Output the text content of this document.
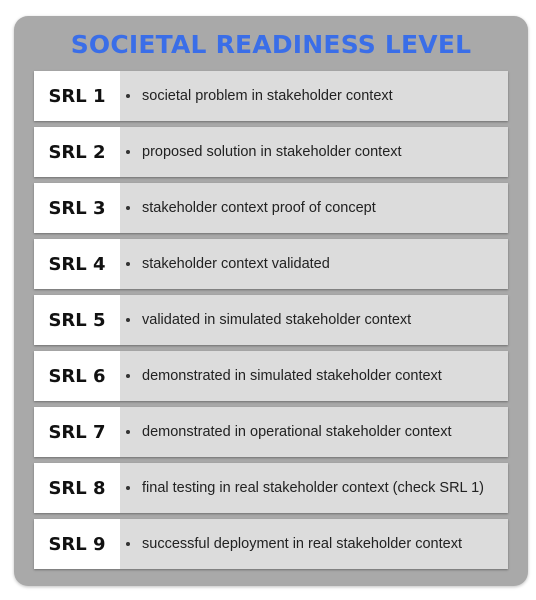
SOCIETAL READINESS LEVEL
SRL 1	societal problem in stakeholder context
SRL 2	proposed solution in stakeholder context
SRL 3	stakeholder context proof of concept
SRL 4	stakeholder context validated
SRL 5	validated in simulated stakeholder context
SRL 6	demonstrated in simulated stakeholder context
SRL 7	demonstrated in operational stakeholder context
SRL 8	final testing in real stakeholder context (check SRL 1)
SRL 9	successful deployment in real stakeholder context
